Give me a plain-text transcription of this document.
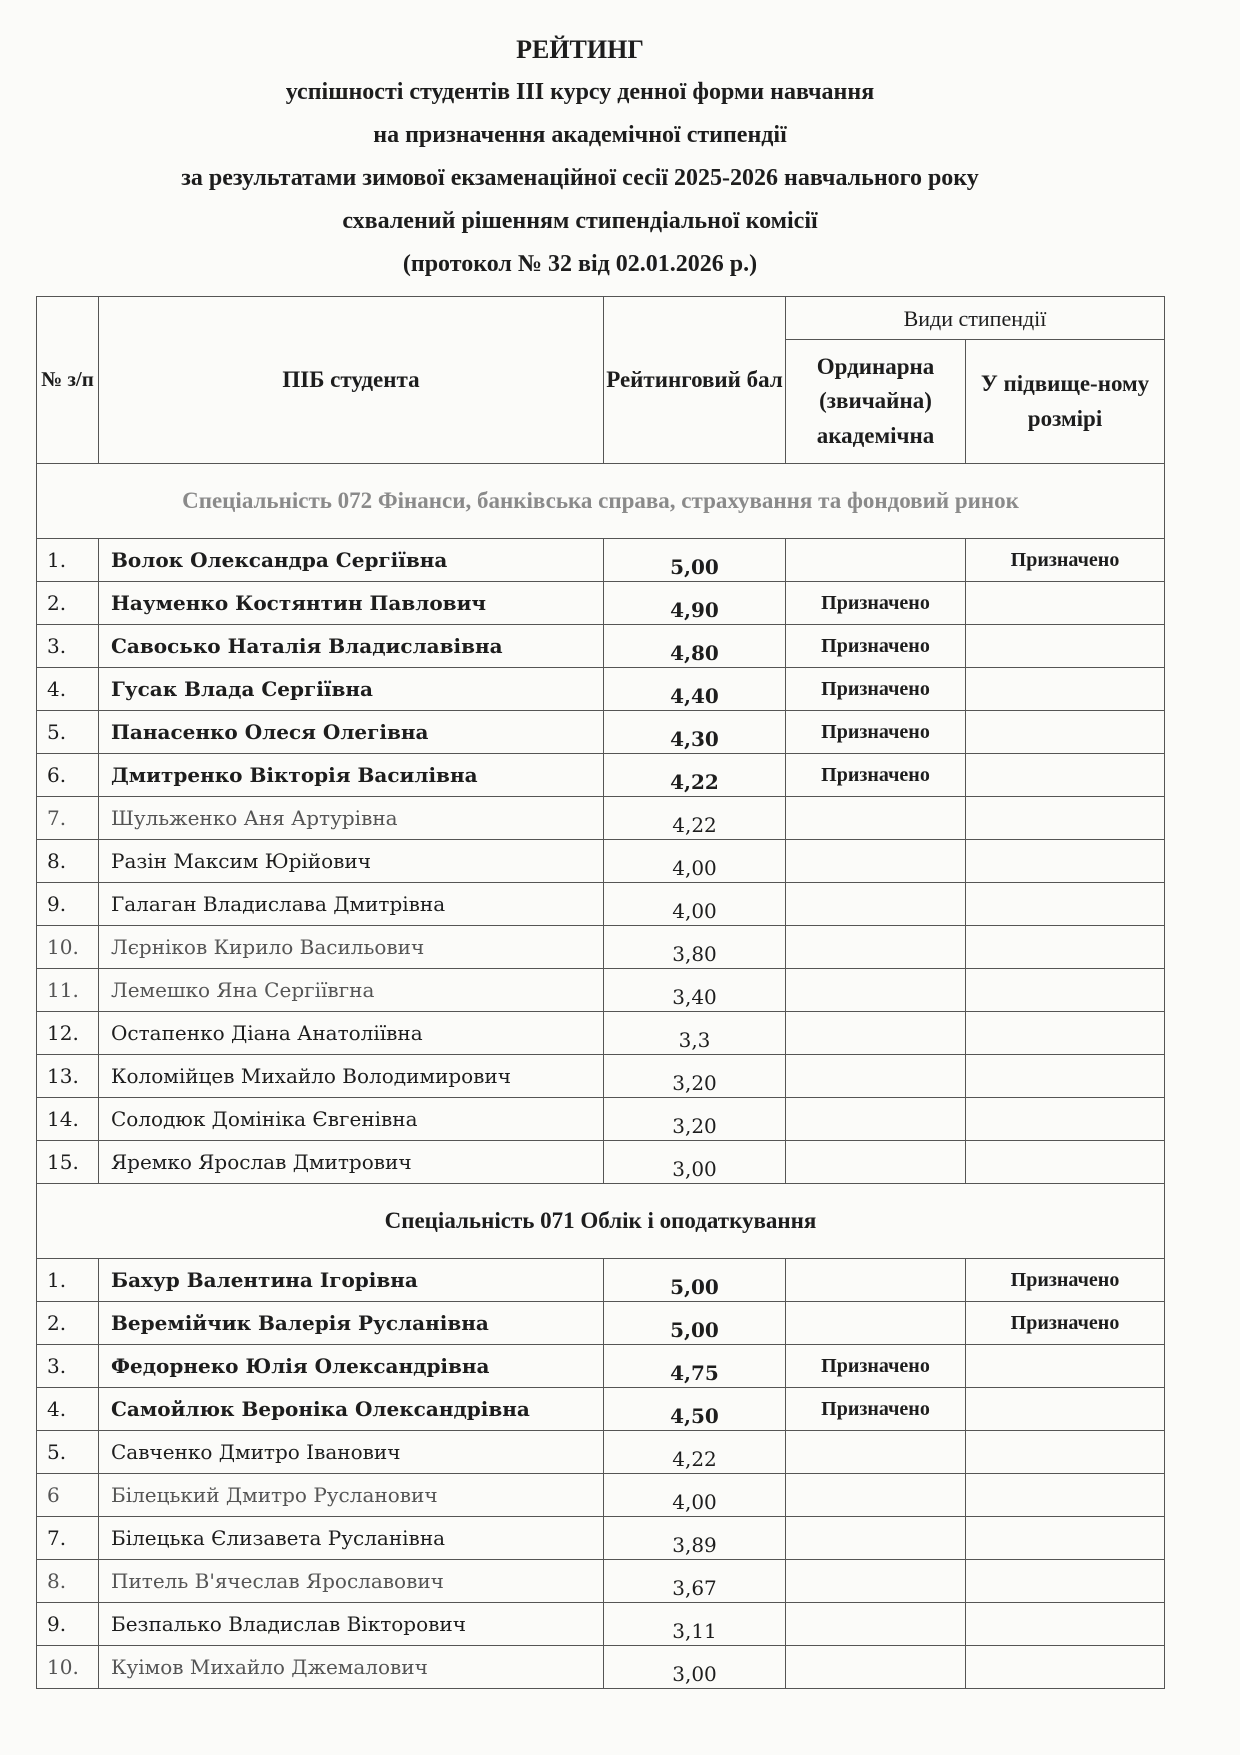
РЕЙТИНГ
успішності студентів ІІІ курсу денної форми навчання
на призначення академічної стипендії
за результатами зимової екзаменаційної сесії 2025-2026 навчального року
схвалений рішенням стипендіальної комісії
(протокол № 32 від 02.01.2026 р.)
№ з/п	ПІБ студента	Рейтинговий бал	Види стипендії	
			Ординарна (звичайна) академічна	У підвище-ному розмірі
Спеціальність 072 Фінанси, банківська справа, страхування та фондовий ринок				
1.	Волок Олександра Сергіївна	5,00		Призначено
2.	Науменко Костянтин Павлович	4,90	Призначено	
3.	Савосько Наталія Владиславівна	4,80	Призначено	
4.	Гусак Влада Сергіївна	4,40	Призначено	
5.	Панасенко Олеся Олегівна	4,30	Призначено	
6.	Дмитренко Вікторія Василівна	4,22	Призначено	
7.	Шульженко Аня Артурівна	4,22		
8.	Разін Максим Юрійович	4,00		
9.	Галаган Владислава Дмитрівна	4,00		
10.	Лєрніков Кирило Васильович	3,80		
11.	Лемешко Яна Сергіївгна	3,40		
12.	Остапенко Діана Анатоліївна	3,3		
13.	Коломійцев Михайло Володимирович	3,20		
14.	Солодюк Домініка Євгенівна	3,20		
15.	Яремко Ярослав Дмитрович	3,00		
Спеціальність 071 Облік і оподаткування				
1.	Бахур Валентина Ігорівна	5,00		Призначено
2.	Веремійчик Валерія Русланівна	5,00		Призначено
3.	Федорнеко Юлія Олександрівна	4,75	Призначено	
4.	Самойлюк Вероніка Олександрівна	4,50	Призначено	
5.	Савченко Дмитро Іванович	4,22		
6	Білецький Дмитро Русланович	4,00		
7.	Білецька Єлизавета Русланівна	3,89		
8.	Питель В'ячеслав Ярославович	3,67		
9.	Безпалько Владислав Вікторович	3,11		
10.	Куімов Михайло Джемалович	3,00		
